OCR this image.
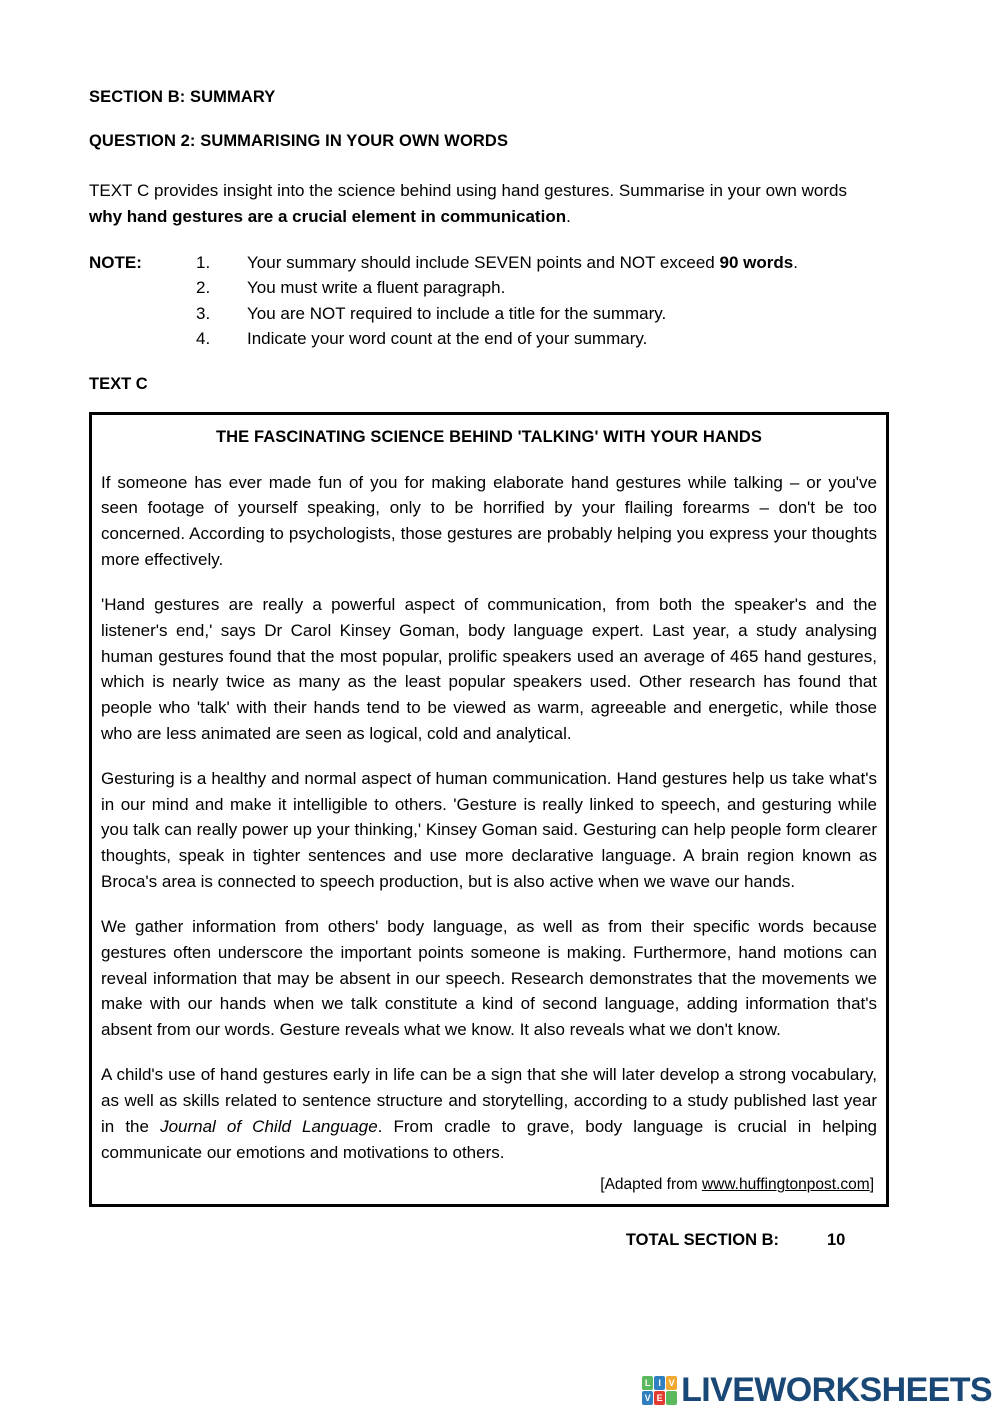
SECTION B: SUMMARY
QUESTION 2: SUMMARISING IN YOUR OWN WORDS

TEXT C provides insight into the science behind using hand gestures. Summarise in your own words why hand gestures are a crucial element in communication.

NOTE:	1.	Your summary should include SEVEN points and NOT exceed 90 words.
2.	You must write a fluent paragraph.
3.	You are NOT required to include a title for the summary.
4.	Indicate your word count at the end of your summary.
TEXT C
THE FASCINATING SCIENCE BEHIND 'TALKING' WITH YOUR HANDS

If someone has ever made fun of you for making elaborate hand gestures while talking – or you've seen footage of yourself speaking, only to be horrified by your flailing forearms – don't be too concerned. According to psychologists, those gestures are probably helping you express your thoughts more effectively.

'Hand gestures are really a powerful aspect of communication, from both the speaker's and the listener's end,' says Dr Carol Kinsey Goman, body language expert. Last year, a study analysing human gestures found that the most popular, prolific speakers used an average of 465 hand gestures, which is nearly twice as many as the least popular speakers used. Other research has found that people who 'talk' with their hands tend to be viewed as warm, agreeable and energetic, while those who are less animated are seen as logical, cold and analytical.

Gesturing is a healthy and normal aspect of human communication. Hand gestures help us take what's in our mind and make it intelligible to others. 'Gesture is really linked to speech, and gesturing while you talk can really power up your thinking,' Kinsey Goman said. Gesturing can help people form clearer thoughts, speak in tighter sentences and use more declarative language. A brain region known as Broca's area is connected to speech production, but is also active when we wave our hands.

We gather information from others' body language, as well as from their specific words because gestures often underscore the important points someone is making. Furthermore, hand motions can reveal information that may be absent in our speech. Research demonstrates that the movements we make with our hands when we talk constitute a kind of second language, adding information that's absent from our words. Gesture reveals what we know. It also reveals what we don't know.

A child's use of hand gestures early in life can be a sign that she will later develop a strong vocabulary, as well as skills related to sentence structure and storytelling, according to a study published last year in the Journal of Child Language. From cradle to grave, body language is crucial in helping communicate our emotions and motivations to others.

[Adapted from www.huffingtonpost.com]
TOTAL SECTION B:	10
L I V
V E LIVEWORKSHEETS
